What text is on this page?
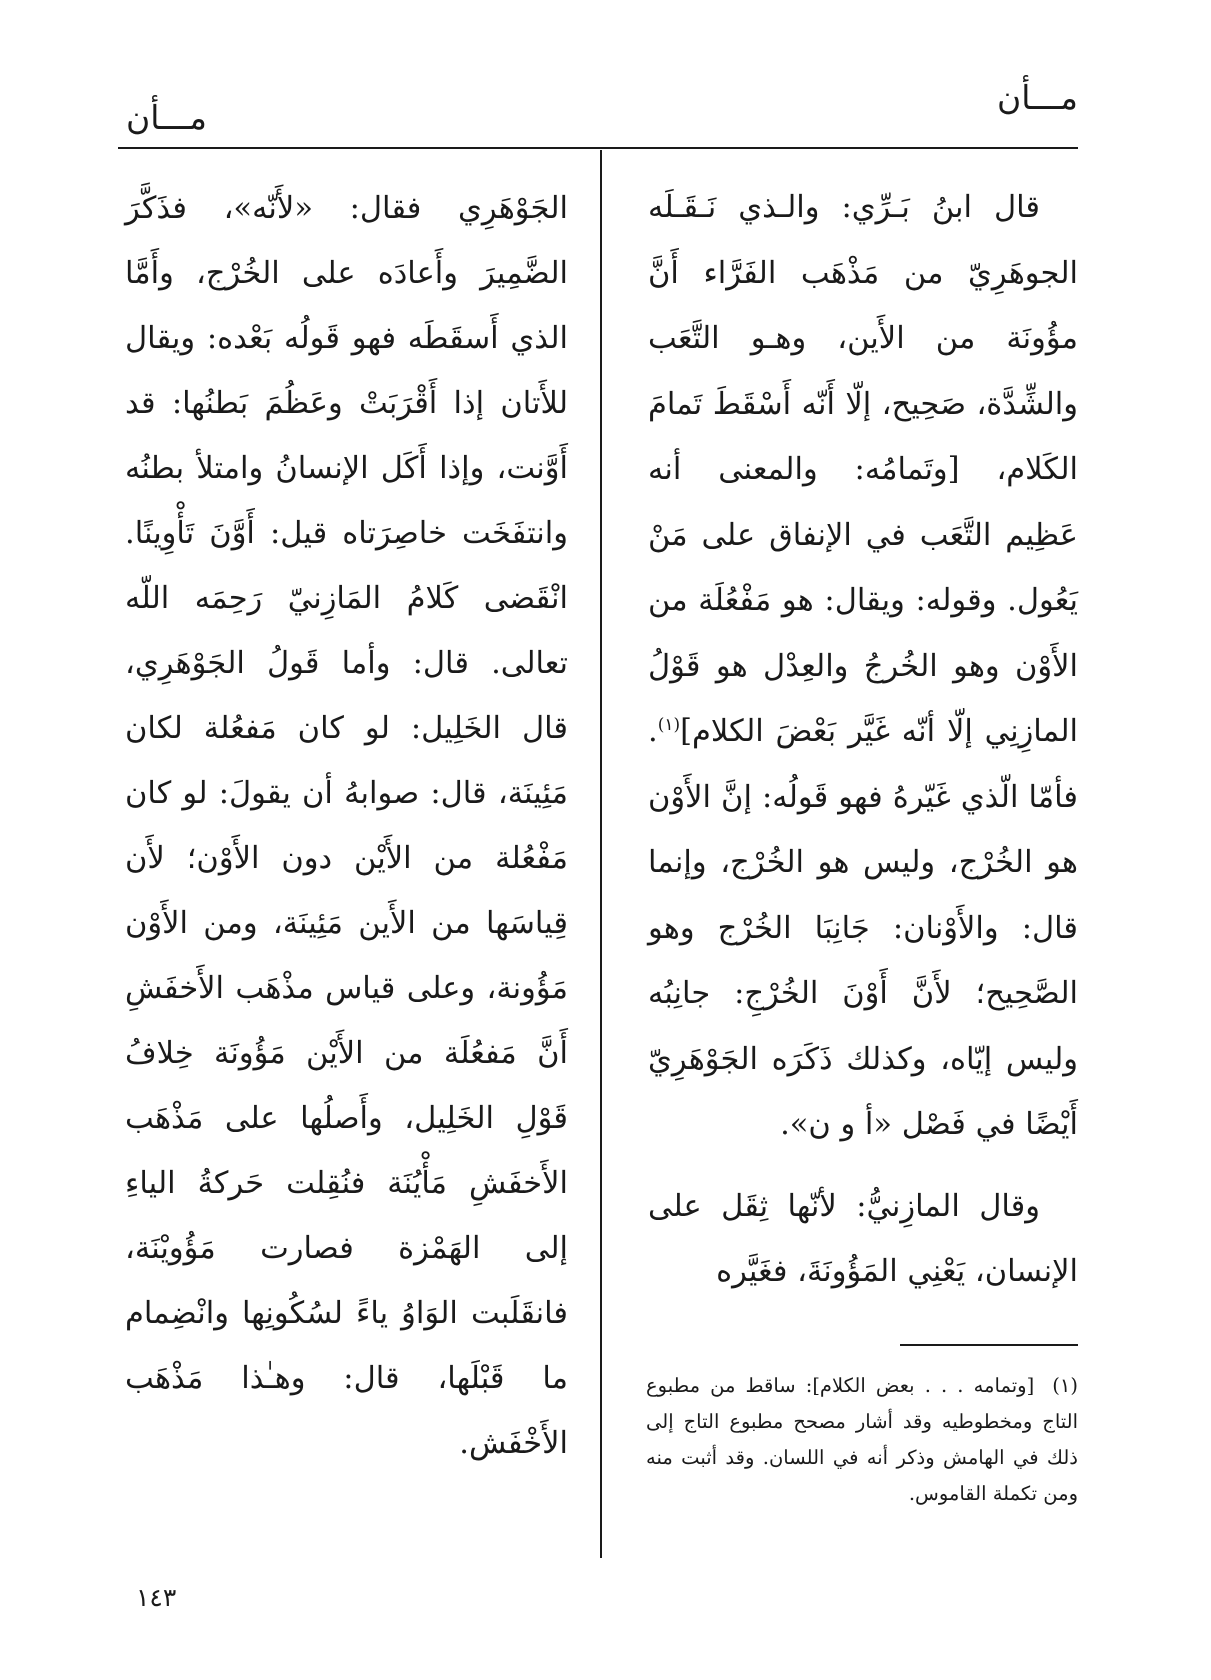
مـــأن
مـــأن

قال ابنُ بَـرِّي: والـذي نَـقَـلَه الجوهَرِيّ من مَذْهَب الفَرَّاء أَنَّ مؤُونَة من الأَين، وهـو التَّعَب والشِّدَّة، صَحِيح، إلّا أَنّه أَسْقَطَ تَمامَ الكَلام، [وتَمامُه: والمعنى أنه عَظِيم التَّعَب في الإنفاق على مَنْ يَعُول. وقوله: ويقال: هو مَفْعُلَة من الأَوْن وهو الخُرجُ والعِدْل هو قَوْلُ المازِنِي إلّا أنّه غَيَّر بَعْضَ الكلام]$^{(١)}$. فأمّا الّذي غَيّرهُ فهو قَولُه: إنَّ الأَوْن هو الخُرْج، وليس هو الخُرْج، وإنما قال: والأَوْنان: جَانِبَا الخُرْج وهو الصَّحِيح؛ لأَنَّ أَوْنَ الخُرْجِ: جانِبُه وليس إيّاه، وكذلك ذَكَرَه الجَوْهَرِيّ أَيْضًا في فَصْل «أ و ن».

وقال المازِنيُّ: لأنّها ثِقَل على الإنسان، يَعْنِي المَؤُونَةَ، فغَيَّره

الجَوْهَرِي فقال: «لأَنّه»، فذَكَّرَ الضَّمِيرَ وأَعادَه على الخُرْج، وأَمَّا الذي أَسقَطَه فهو قَولُه بَعْده: ويقال للأَتان إذا أَقْرَبَتْ وعَظُمَ بَطنُها: قد أَوَّنت، وإذا أَكَل الإنسانُ وامتلأ بطنُه وانتفَخَت خاصِرَتاه قيل: أَوَّنَ تَأْوِينًا. انْقَضى كَلامُ المَازِنيّ رَحِمَه اللّه تعالى. قال: وأما قَولُ الجَوْهَرِي، قال الخَلِيل: لو كان مَفعُلة لكان مَئِينَة، قال: صوابهُ أن يقولَ: لو كان مَفْعُلة من الأَيْن دون الأَوْن؛ لأَن قِياسَها من الأَين مَئِينَة، ومن الأَوْن مَؤُونة، وعلى قياس مذْهَب الأَخفَشِ أَنَّ مَفعُلَة من الأَيْن مَؤُونَة خِلافُ قَوْلِ الخَلِيل، وأَصلُها على مَذْهَب الأَخفَشِ مَأْيُنَة فنُقِلت حَركةُ الياءِ إلى الهَمْزة فصارت مَؤُويْنَة، فانقَلَبت الوَاوُ ياءً لسُكُونِها وانْضِمام ما قَبْلَها، قال: وهـٰذا مَذْهَب الأَخْفَش.

(١) [وتمامه . . . بعض الكلام]: ساقط من مطبوع التاج ومخطوطيه وقد أشار مصحح مطبوع التاج إلى ذلك في الهامش وذكر أنه في اللسان. وقد أثبت منه ومن تكملة القاموس.
١٤٣
